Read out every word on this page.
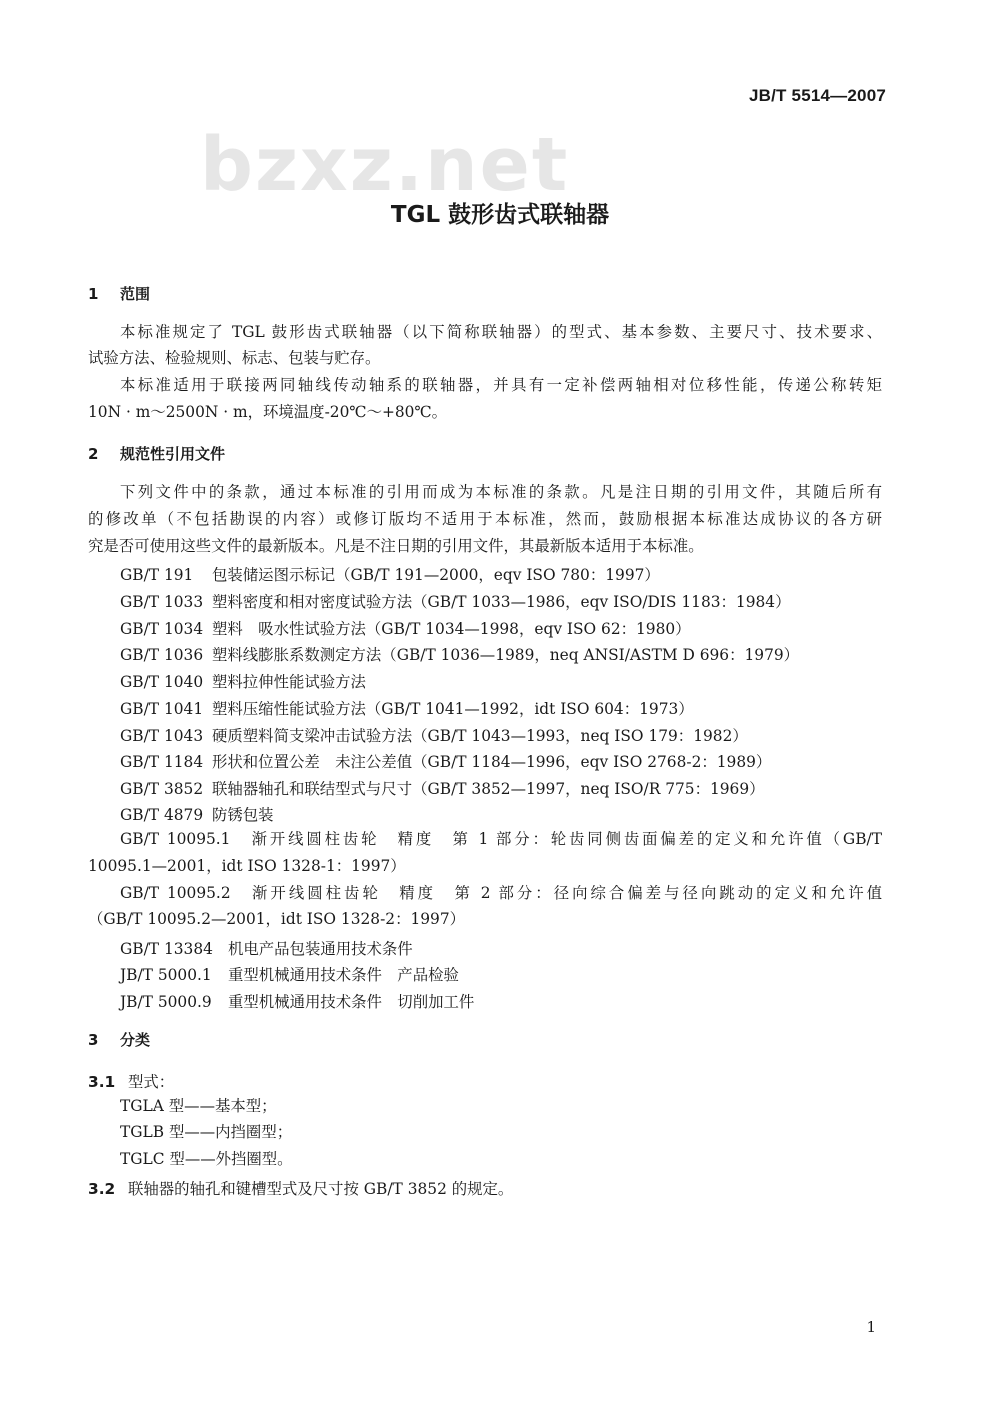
JB/T 5514—2007
bzxz.net
TGL 鼓形齿式联轴器
1 范围
本标准规定了 TGL 鼓形齿式联轴器（以下简称联轴器）的型式、基本参数、主要尺寸、技术要求、
试验方法、检验规则、标志、包装与贮存。
本标准适用于联接两同轴线传动轴系的联轴器，并具有一定补偿两轴相对位移性能，传递公称转矩
10N · m～2500N · m，环境温度-20℃～+80℃。
2 规范性引用文件
下列文件中的条款，通过本标准的引用而成为本标准的条款。凡是注日期的引用文件，其随后所有
的修改单（不包括勘误的内容）或修订版均不适用于本标准，然而，鼓励根据本标准达成协议的各方研
究是否可使用这些文件的最新版本。凡是不注日期的引用文件，其最新版本适用于本标准。
GB/T 191 包装储运图示标记（GB/T 191—2000，eqv ISO 780：1997）
GB/T 1033 塑料密度和相对密度试验方法（GB/T 1033—1986，eqv ISO/DIS 1183：1984）
GB/T 1034 塑料　吸水性试验方法（GB/T 1034—1998，eqv ISO 62：1980）
GB/T 1036 塑料线膨胀系数测定方法（GB/T 1036—1989，neq ANSI/ASTM D 696：1979）
GB/T 1040 塑料拉伸性能试验方法
GB/T 1041 塑料压缩性能试验方法（GB/T 1041—1992，idt ISO 604：1973）
GB/T 1043 硬质塑料简支梁冲击试验方法（GB/T 1043—1993，neq ISO 179：1982）
GB/T 1184 形状和位置公差　未注公差值（GB/T 1184—1996，eqv ISO 2768-2：1989）
GB/T 3852 联轴器轴孔和联结型式与尺寸（GB/T 3852—1997，neq ISO/R 775：1969）
GB/T 4879 防锈包装
GB/T 10095.1　渐开线圆柱齿轮　精度　第 1 部分：轮齿同侧齿面偏差的定义和允许值（GB/T
10095.1—2001，idt ISO 1328-1：1997）
GB/T 10095.2　渐开线圆柱齿轮　精度　第 2 部分：径向综合偏差与径向跳动的定义和允许值
（GB/T 10095.2—2001，idt ISO 1328-2：1997）
GB/T 13384 机电产品包装通用技术条件
JB/T 5000.1 重型机械通用技术条件　产品检验
JB/T 5000.9 重型机械通用技术条件　切削加工件
3 分类
3.1 型式：
TGLA 型——基本型；
TGLB 型——内挡圈型；
TGLC 型——外挡圈型。
3.2 联轴器的轴孔和键槽型式及尺寸按 GB/T 3852 的规定。
1
